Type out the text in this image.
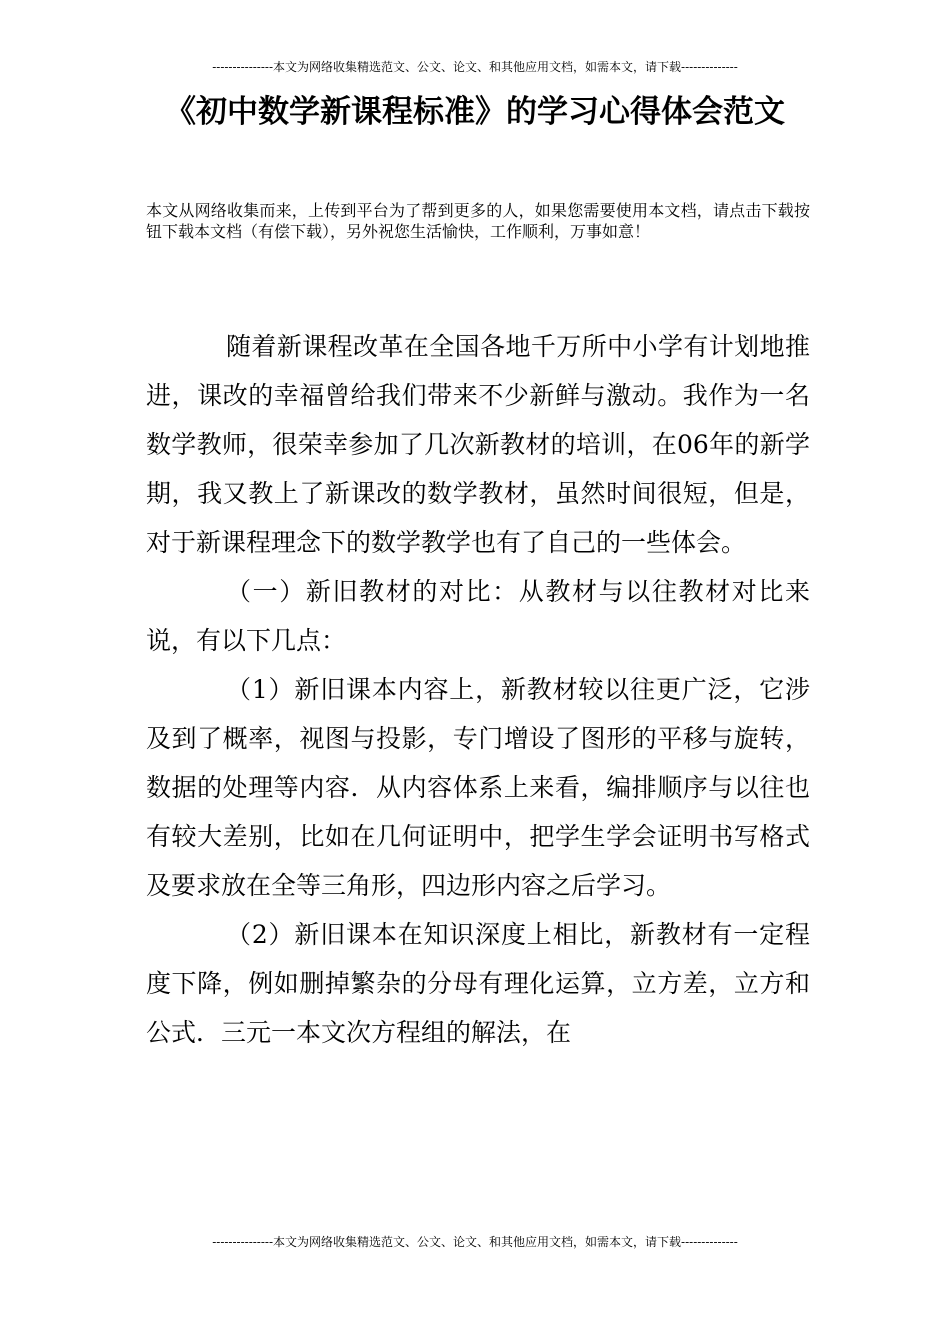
---------------本文为网络收集精选范文、公文、论文、和其他应用文档，如需本文，请下载--------------
《初中数学新课程标准》的学习心得体会范文
本文从网络收集而来，上传到平台为了帮到更多的人，如果您需要使用本文档，请点击下载按钮下载本文档（有偿下载），另外祝您生活愉快，工作顺利，万事如意！

随着新课程改革在全国各地千万所中小学有计划地推进，课改的幸福曾给我们带来不少新鲜与激动。我作为一名数学教师，很荣幸参加了几次新教材的培训，在06年的新学期，我又教上了新课改的数学教材，虽然时间很短，但是，对于新课程理念下的数学教学也有了自己的一些体会。

（一）新旧教材的对比：从教材与以往教材对比来说，有以下几点：

（1）新旧课本内容上，新教材较以往更广泛，它涉及到了概率，视图与投影，专门增设了图形的平移与旋转，数据的处理等内容．从内容体系上来看，编排顺序与以往也有较大差别，比如在几何证明中，把学生学会证明书写格式及要求放在全等三角形，四边形内容之后学习。

（2）新旧课本在知识深度上相比，新教材有一定程度下降，例如删掉繁杂的分母有理化运算，立方差，立方和公式．三元一本文次方程组的解法，在

---------------本文为网络收集精选范文、公文、论文、和其他应用文档，如需本文，请下载--------------
